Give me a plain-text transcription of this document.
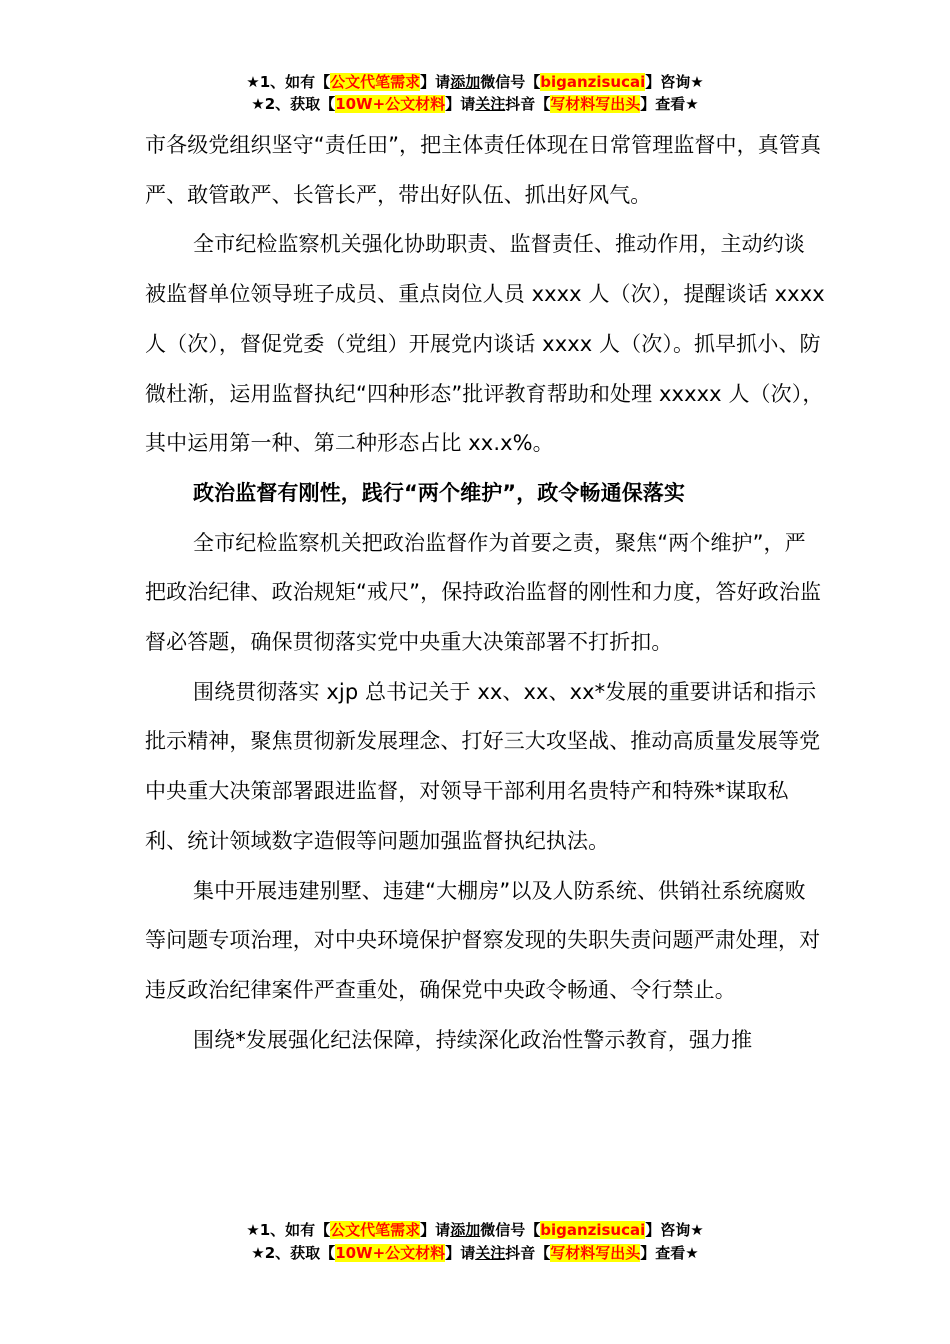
★1、如有【公文代笔需求】请添加微信号【biganzisucai】咨询★
★2、获取【10W+公文材料】请关注抖音【写材料写出头】查看★

市各级党组织坚守“责任田”，把主体责任体现在日常管理监督中，真管真严、敢管敢严、长管长严，带出好队伍、抓出好风气。

全市纪检监察机关强化协助职责、监督责任、推动作用，主动约谈被监督单位领导班子成员、重点岗位人员 xxxx 人（次），提醒谈话 xxxx 人（次），督促党委（党组）开展党内谈话 xxxx 人（次）。抓早抓小、防微杜渐，运用监督执纪“四种形态”批评教育帮助和处理 xxxxx 人（次），其中运用第一种、第二种形态占比 xx.x%。

政治监督有刚性，践行“两个维护”，政令畅通保落实

全市纪检监察机关把政治监督作为首要之责，聚焦“两个维护”，严把政治纪律、政治规矩“戒尺”，保持政治监督的刚性和力度，答好政治监督必答题，确保贯彻落实党中央重大决策部署不打折扣。

围绕贯彻落实 xjp 总书记关于 xx、xx、xx*发展的重要讲话和指示批示精神，聚焦贯彻新发展理念、打好三大攻坚战、推动高质量发展等党中央重大决策部署跟进监督，对领导干部利用名贵特产和特殊*谋取私利、统计领域数字造假等问题加强监督执纪执法。

集中开展违建别墅、违建“大棚房”以及人防系统、供销社系统腐败等问题专项治理，对中央环境保护督察发现的失职失责问题严肃处理，对违反政治纪律案件严查重处，确保党中央政令畅通、令行禁止。

围绕*发展强化纪法保障，持续深化政治性警示教育，强力推

★1、如有【公文代笔需求】请添加微信号【biganzisucai】咨询★
★2、获取【10W+公文材料】请关注抖音【写材料写出头】查看★
